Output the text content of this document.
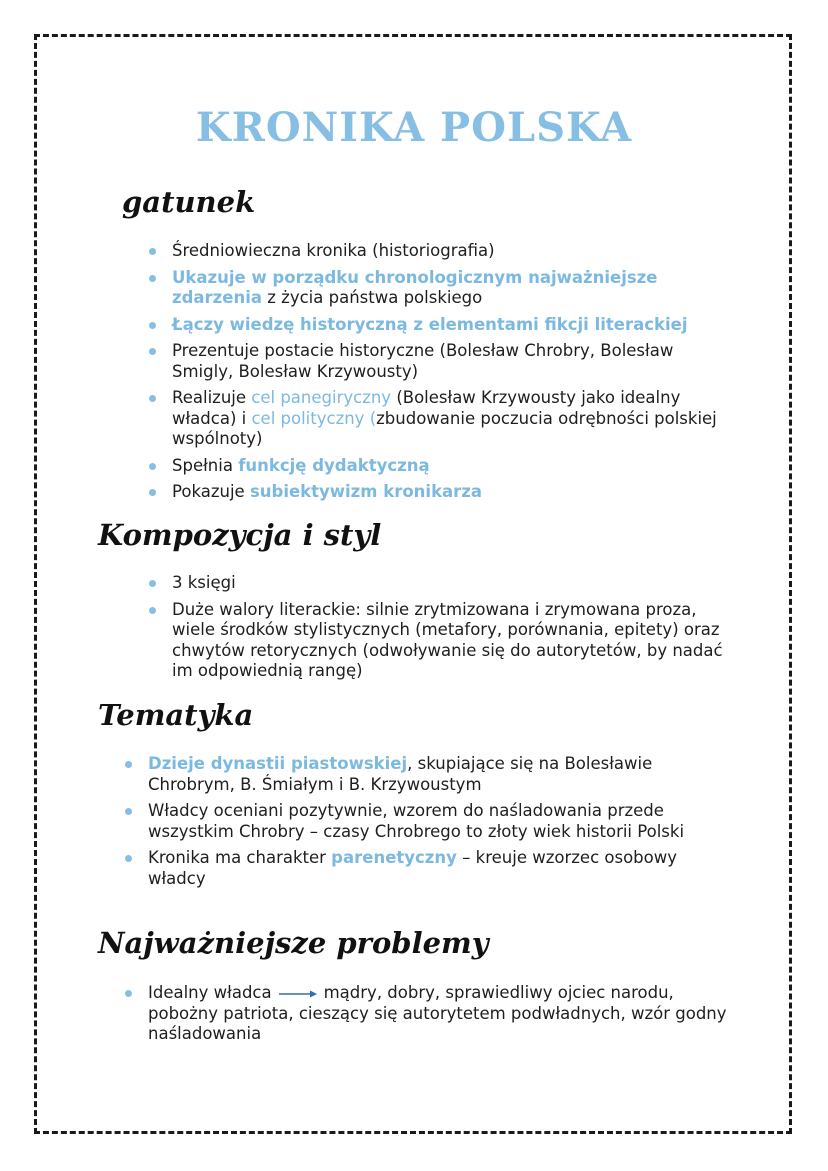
KRONIKA POLSKA
gatunek
Średniowieczna kronika (historiografia)
Ukazuje w porządku chronologicznym najważniejsze zdarzenia z życia państwa polskiego
Łączy wiedzę historyczną z elementami fikcji literackiej
Prezentuje postacie historyczne (Bolesław Chrobry, Bolesław Smigly, Bolesław Krzywousty)
Realizuje cel panegiryczny (Bolesław Krzywousty jako idealny władca) i cel polityczny (zbudowanie poczucia odrębności polskiej wspólnoty)
Spełnia funkcję dydaktyczną
Pokazuje subiektywizm kronikarza
Kompozycja i styl
3 księgi
Duże walory literackie: silnie zrytmizowana i zrymowana proza, wiele środków stylistycznych (metafory, porównania, epitety) oraz chwytów retorycznych (odwoływanie się do autorytetów, by nadać im odpowiednią rangę)
Tematyka
Dzieje dynastii piastowskiej, skupiające się na Bolesławie Chrobrym, B. Śmiałym i B. Krzywoustym
Władcy oceniani pozytywnie, wzorem do naśladowania przede wszystkim Chrobry – czasy Chrobrego to złoty wiek historii Polski
Kronika ma charakter parenetyczny – kreuje wzorzec osobowy władcy
Najważniejsze problemy
Idealny władca	mądry, dobry, sprawiedliwy ojciec narodu, pobożny patriota, cieszący się autorytetem podwładnych, wzór godny naśladowania
